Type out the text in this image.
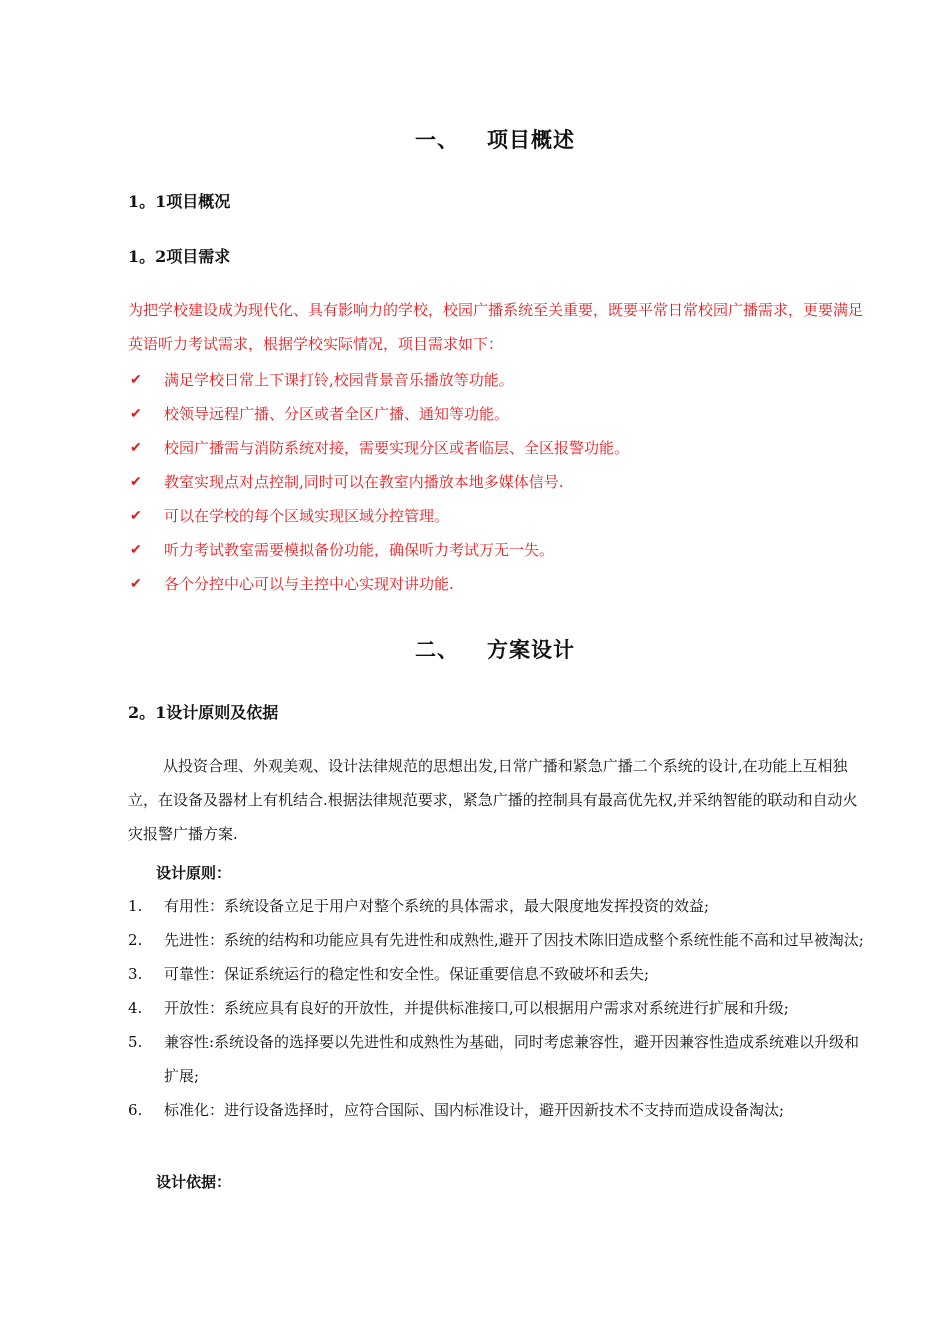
一、 项目概述
1。1项目概况
1。2项目需求
为把学校建设成为现代化、具有影响力的学校，校园广播系统至关重要，既要平常日常校园广播需求，更要满足英语听力考试需求，根据学校实际情况，项目需求如下：
✔ 满足学校日常上下课打铃,校园背景音乐播放等功能。
✔ 校领导远程广播、分区或者全区广播、通知等功能。
✔ 校园广播需与消防系统对接，需要实现分区或者临层、全区报警功能。
✔ 教室实现点对点控制,同时可以在教室内播放本地多媒体信号.
✔ 可以在学校的每个区域实现区域分控管理。
✔ 听力考试教室需要模拟备份功能，确保听力考试万无一失。
✔ 各个分控中心可以与主控中心实现对讲功能.
二、 方案设计
2。1设计原则及依据
从投资合理、外观美观、设计法律规范的思想出发,日常广播和紧急广播二个系统的设计,在功能上互相独立，在设备及器材上有机结合.根据法律规范要求，紧急广播的控制具有最高优先权,并采纳智能的联动和自动火灾报警广播方案.
设计原则：
1. 有用性：系统设备立足于用户对整个系统的具体需求，最大限度地发挥投资的效益;
2. 先进性：系统的结构和功能应具有先进性和成熟性,避开了因技术陈旧造成整个系统性能不高和过早被淘汰;
3. 可靠性：保证系统运行的稳定性和安全性。保证重要信息不致破坏和丢失;
4. 开放性：系统应具有良好的开放性，并提供标准接口,可以根据用户需求对系统进行扩展和升级;
5. 兼容性:系统设备的选择要以先进性和成熟性为基础，同时考虑兼容性，避开因兼容性造成系统难以升级和扩展;
6. 标准化：进行设备选择时，应符合国际、国内标准设计，避开因新技术不支持而造成设备淘汰;
设计依据：
